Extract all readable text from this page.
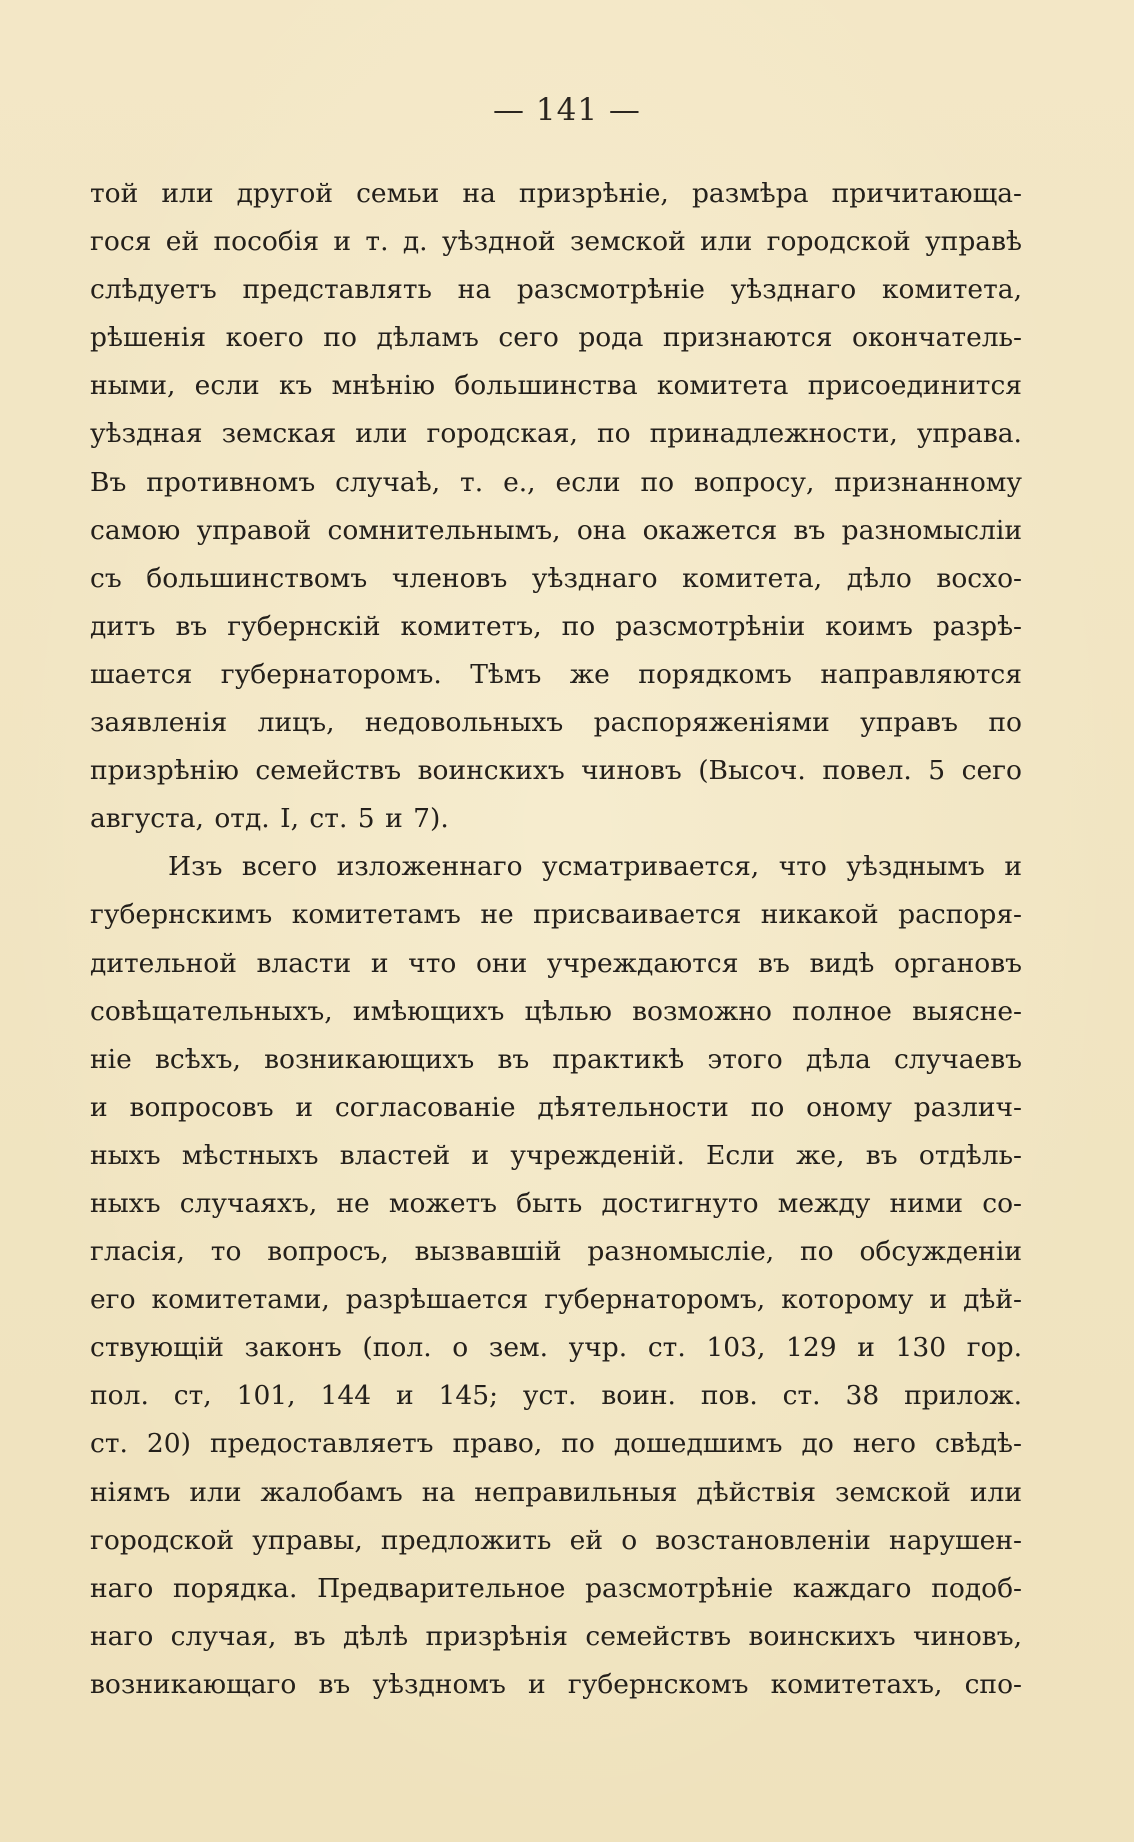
— 141 —
той или другой семьи на призрѣніе, размѣра причитающа-
гося ей пособія и т. д. уѣздной земской или городской управѣ
слѣдуетъ представлять на разсмотрѣніе уѣзднаго комитета,
рѣшенія коего по дѣламъ сего рода признаются окончатель-
ными, если къ мнѣнію большинства комитета присоединится
уѣздная земская или городская, по принадлежности, управа.
Въ противномъ случаѣ, т. е., если по вопросу, признанному
самою управой сомнительнымъ, она окажется въ разномысліи
съ большинствомъ членовъ уѣзднаго комитета, дѣло восхо-
дитъ въ губернскій комитетъ, по разсмотрѣніи коимъ разрѣ-
шается губернаторомъ. Тѣмъ же порядкомъ направляются
заявленія лицъ, недовольныхъ распоряженіями управъ по
призрѣнію семействъ воинскихъ чиновъ (Высоч. повел. 5 сего
августа, отд. I, ст. 5 и 7).
Изъ всего изложеннаго усматривается, что уѣзднымъ и
губернскимъ комитетамъ не присваивается никакой распоря-
дительной власти и что они учреждаются въ видѣ органовъ
совѣщательныхъ, имѣющихъ цѣлью возможно полное выясне-
ніе всѣхъ, возникающихъ въ практикѣ этого дѣла случаевъ
и вопросовъ и согласованіе дѣятельности по оному различ-
ныхъ мѣстныхъ властей и учрежденій. Если же, въ отдѣль-
ныхъ случаяхъ, не можетъ быть достигнуто между ними со-
гласія, то вопросъ, вызвавшій разномысліе, по обсужденіи
его комитетами, разрѣшается губернаторомъ, которому и дѣй-
ствующій законъ (пол. о зем. учр. ст. 103, 129 и 130 гор.
пол. ст, 101, 144 и 145; уст. воин. пов. ст. 38 прилож.
ст. 20) предоставляетъ право, по дошедшимъ до него свѣдѣ-
ніямъ или жалобамъ на неправильныя дѣйствія земской или
городской управы, предложить ей о возстановленіи нарушен-
наго порядка. Предварительное разсмотрѣніе каждаго подоб-
наго случая, въ дѣлѣ призрѣнія семействъ воинскихъ чиновъ,
возникающаго въ уѣздномъ и губернскомъ комитетахъ, спо-
